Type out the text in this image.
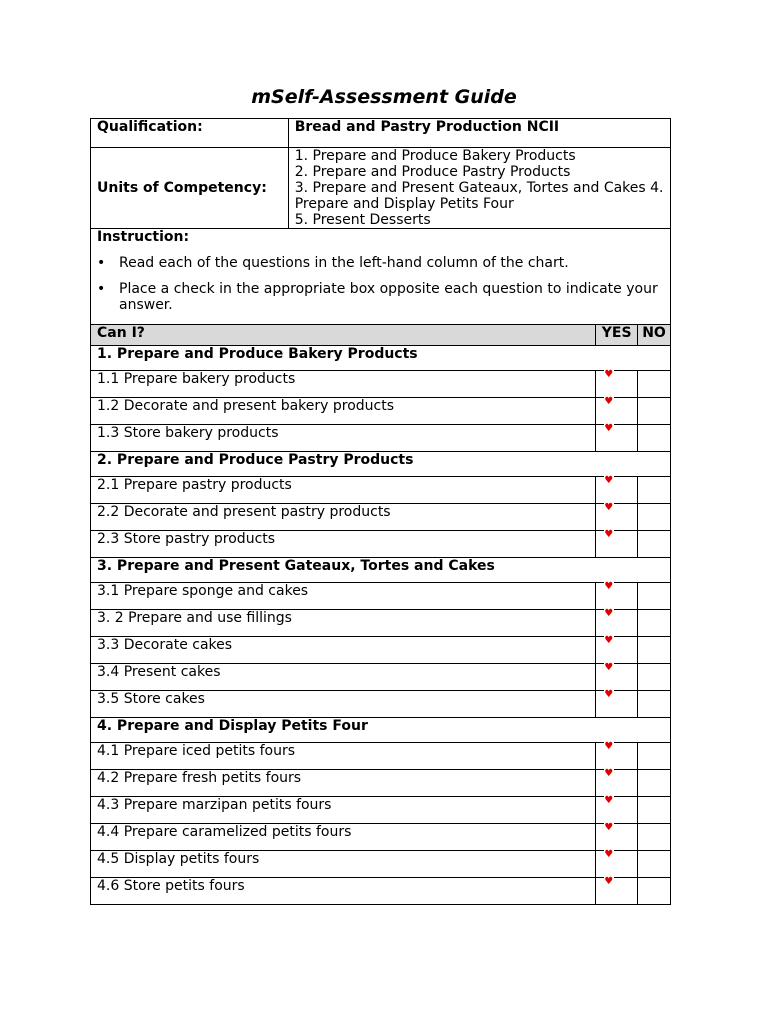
mSelf-Assessment Guide
Qualification:	Bread and Pastry Production NCII		
Units of Competency:	1. Prepare and Produce Bakery Products
2. Prepare and Produce Pastry Products
3. Prepare and Present Gateaux, Tortes and Cakes 4. Prepare and Display Petits Four
5. Present Desserts		

Instruction:
• Read each of the questions in the left-hand column of the chart.
• Place a check in the appropriate box opposite each question to indicate your answer.			

Can I?		YES	NO
1. Prepare and Produce Bakery Products			
1.1 Prepare bakery products		♥	

1.2 Decorate and present bakery products		♥	

1.3 Store bakery products		♥	

2. Prepare and Produce Pastry Products			
2.1 Prepare pastry products		♥	

2.2 Decorate and present pastry products		♥	

2.3 Store pastry products		♥	

3. Prepare and Present Gateaux, Tortes and Cakes			
3.1 Prepare sponge and cakes		♥	

3. 2 Prepare and use fillings		♥	

3.3 Decorate cakes		♥	

3.4 Present cakes		♥	

3.5 Store cakes		♥	

4. Prepare and Display Petits Four			
4.1 Prepare iced petits fours		♥	

4.2 Prepare fresh petits fours		♥	

4.3 Prepare marzipan petits fours		♥	

4.4 Prepare caramelized petits fours		♥	

4.5 Display petits fours		♥	

4.6 Store petits fours		♥	
